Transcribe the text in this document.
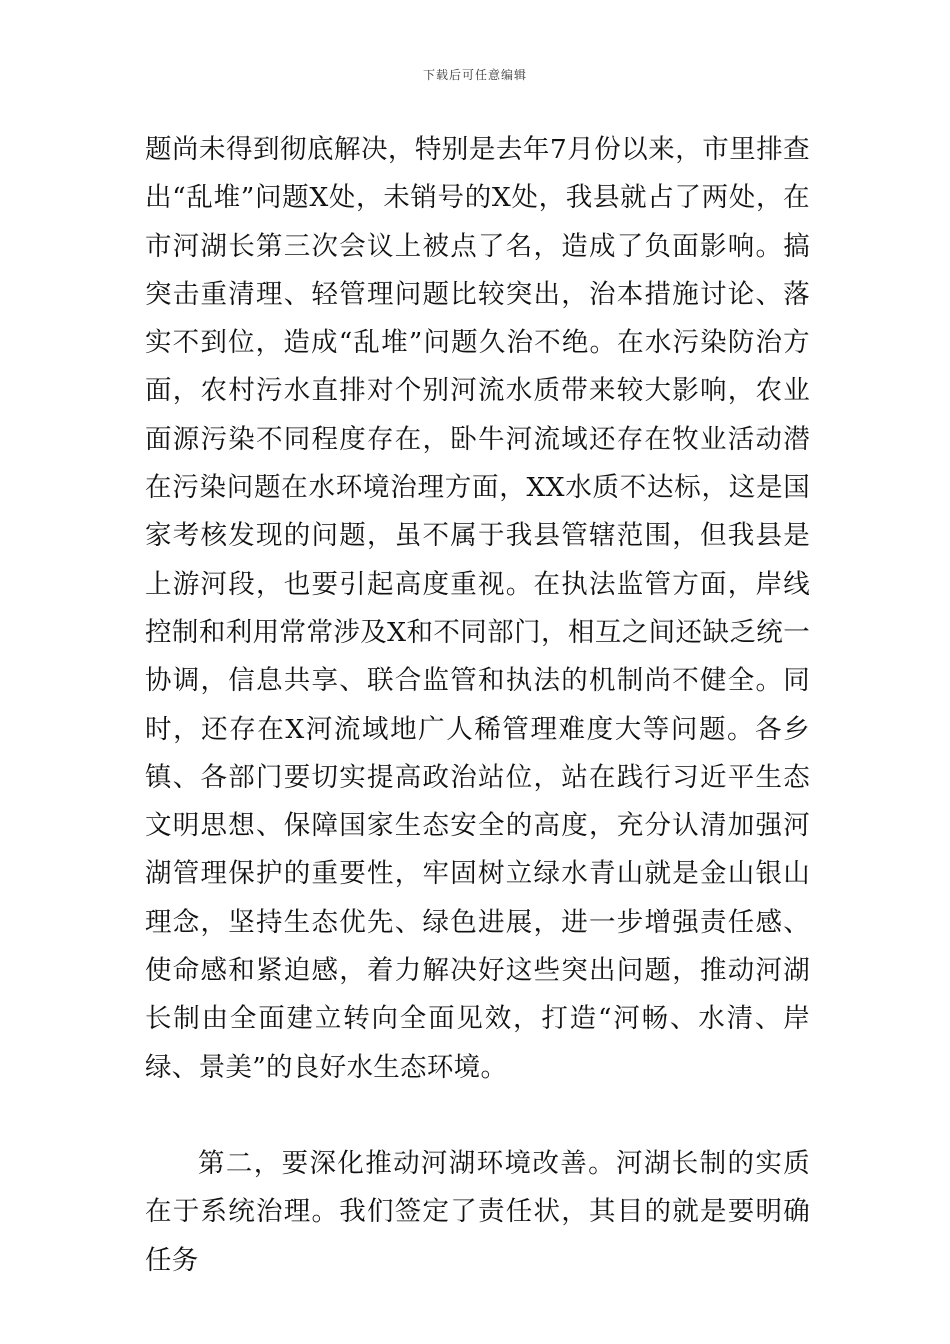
下载后可任意编辑

题尚未得到彻底解决，特别是去年7月份以来，市里排查出“乱堆”问题X处，未销号的X处，我县就占了两处，在市河湖长第三次会议上被点了名，造成了负面影响。搞突击重清理、轻管理问题比较突出，治本措施讨论、落实不到位，造成“乱堆”问题久治不绝。在水污染防治方面，农村污水直排对个别河流水质带来较大影响，农业面源污染不同程度存在，卧牛河流域还存在牧业活动潜在污染问题在水环境治理方面，XX水质不达标，这是国家考核发现的问题，虽不属于我县管辖范围，但我县是上游河段，也要引起高度重视。在执法监管方面，岸线控制和利用常常涉及X和不同部门，相互之间还缺乏统一协调，信息共享、联合监管和执法的机制尚不健全。同时，还存在X河流域地广人稀管理难度大等问题。各乡镇、各部门要切实提高政治站位，站在践行习近平生态文明思想、保障国家生态安全的高度，充分认清加强河湖管理保护的重要性，牢固树立绿水青山就是金山银山理念，坚持生态优先、绿色进展，进一步增强责任感、使命感和紧迫感，着力解决好这些突出问题，推动河湖长制由全面建立转向全面见效，打造“河畅、水清、岸绿、景美”的良好水生态环境。

第二，要深化推动河湖环境改善。河湖长制的实质在于系统治理。我们签定了责任状，其目的就是要明确任务
